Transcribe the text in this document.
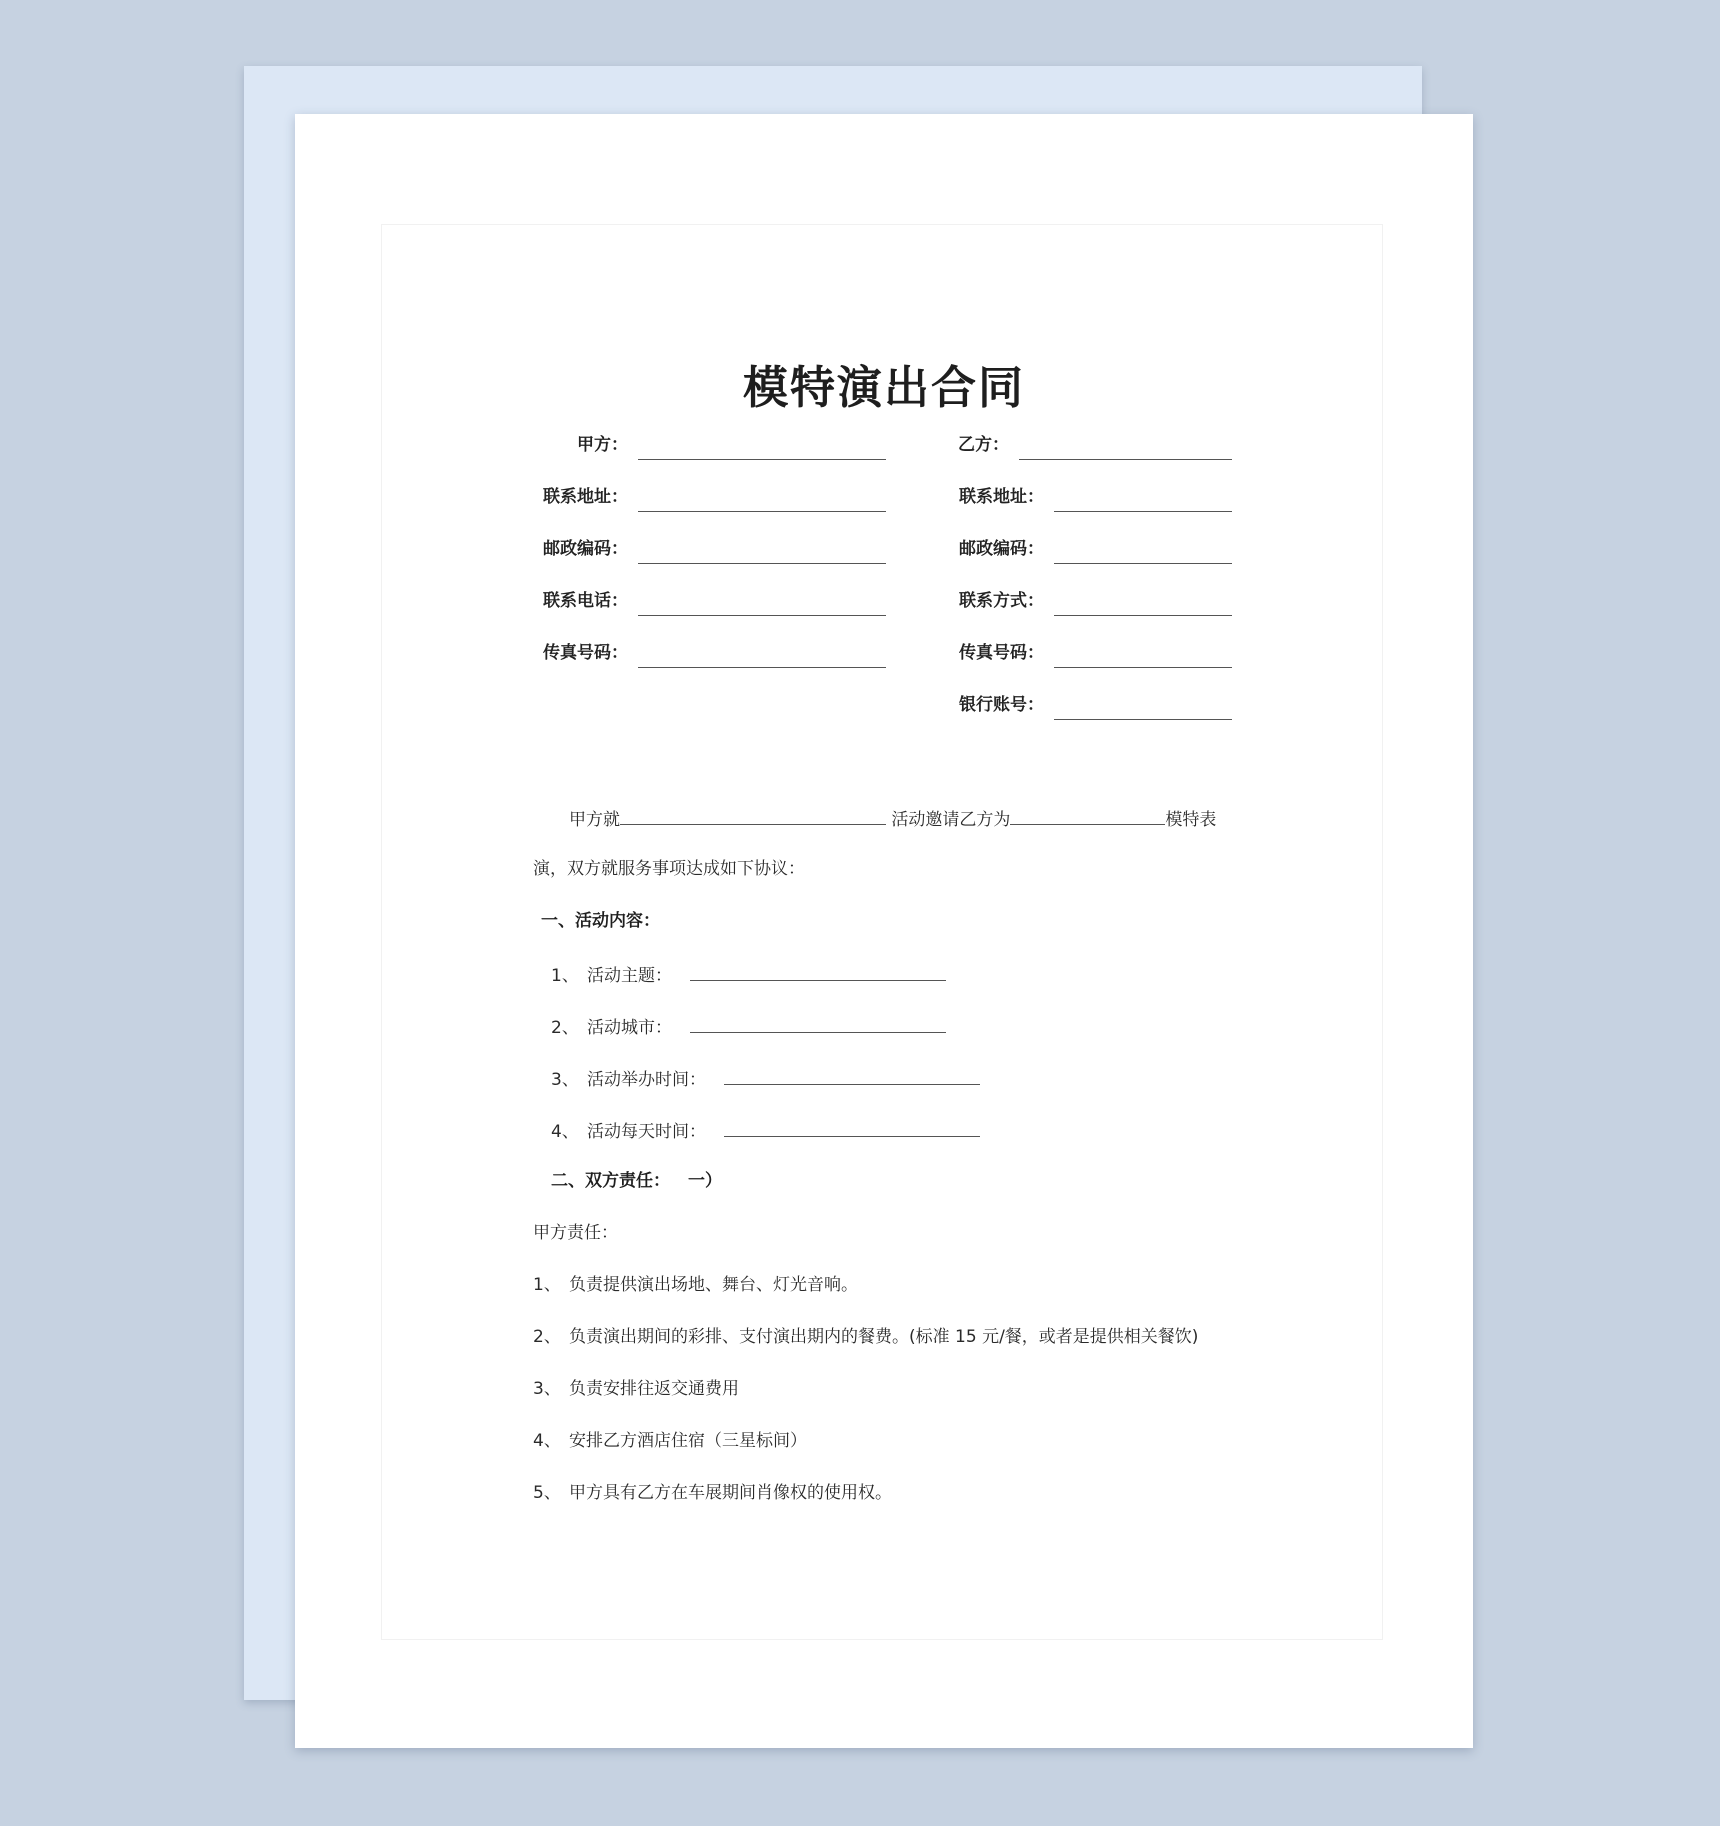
模特演出合同
甲方：
联系地址：
邮政编码：
联系电话：
传真号码：
乙方：
联系地址：
邮政编码：
联系方式：
传真号码：
银行账号：
甲方就	活动邀请乙方为	模特表
演，双方就服务事项达成如下协议：
一、活动内容：
1、 活动主题：
2、 活动城市：
3、 活动举办时间：
4、 活动每天时间：
二、双方责任： 一）
甲方责任：
1、 负责提供演出场地、舞台、灯光音响。
2、 负责演出期间的彩排、支付演出期内的餐费。(标准 15 元/餐，或者是提供相关餐饮)
3、 负责安排往返交通费用
4、 安排乙方酒店住宿（三星标间）
5、 甲方具有乙方在车展期间肖像权的使用权。
